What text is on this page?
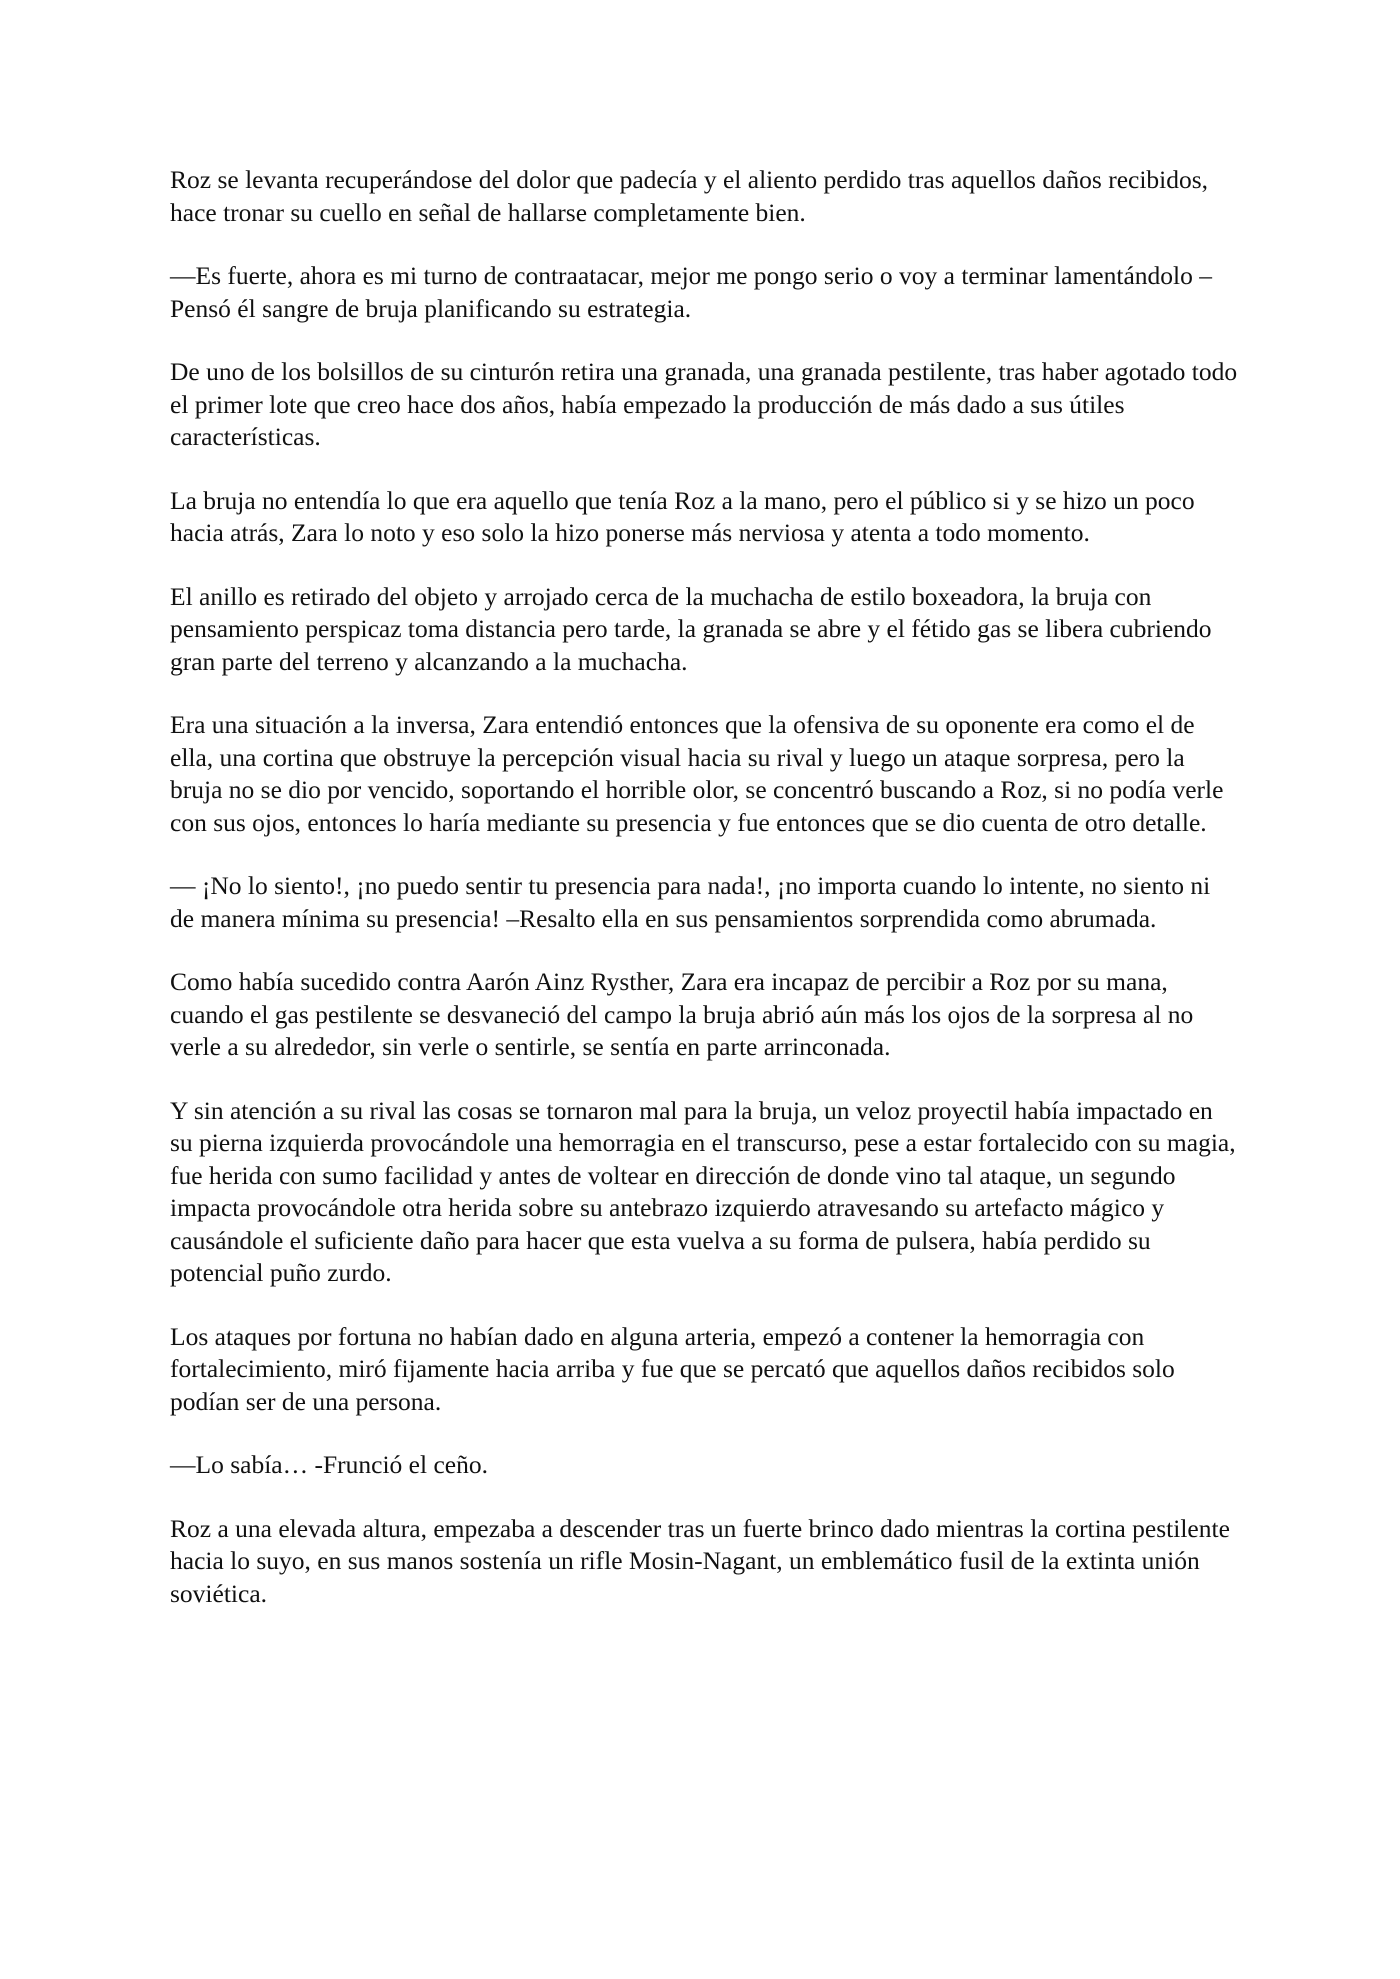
Roz se levanta recuperándose del dolor que padecía y el aliento perdido tras aquellos daños recibidos, hace tronar su cuello en señal de hallarse completamente bien.

—Es fuerte, ahora es mi turno de contraatacar, mejor me pongo serio o voy a terminar lamentándolo –Pensó él sangre de bruja planificando su estrategia.

De uno de los bolsillos de su cinturón retira una granada, una granada pestilente, tras haber agotado todo el primer lote que creo hace dos años, había empezado la producción de más dado a sus útiles características.

La bruja no entendía lo que era aquello que tenía Roz a la mano, pero el público si y se hizo un poco hacia atrás, Zara lo noto y eso solo la hizo ponerse más nerviosa y atenta a todo momento.

El anillo es retirado del objeto y arrojado cerca de la muchacha de estilo boxeadora, la bruja con pensamiento perspicaz toma distancia pero tarde, la granada se abre y el fétido gas se libera cubriendo gran parte del terreno y alcanzando a la muchacha.

Era una situación a la inversa, Zara entendió entonces que la ofensiva de su oponente era como el de ella, una cortina que obstruye la percepción visual hacia su rival y luego un ataque sorpresa, pero la bruja no se dio por vencido, soportando el horrible olor, se concentró buscando a Roz, si no podía verle con sus ojos, entonces lo haría mediante su presencia y fue entonces que se dio cuenta de otro detalle.

— ¡No lo siento!, ¡no puedo sentir tu presencia para nada!, ¡no importa cuando lo intente, no siento ni de manera mínima su presencia! –Resalto ella en sus pensamientos sorprendida como abrumada.

Como había sucedido contra Aarón Ainz Rysther, Zara era incapaz de percibir a Roz por su mana, cuando el gas pestilente se desvaneció del campo la bruja abrió aún más los ojos de la sorpresa al no verle a su alrededor, sin verle o sentirle, se sentía en parte arrinconada.

Y sin atención a su rival las cosas se tornaron mal para la bruja, un veloz proyectil había impactado en su pierna izquierda provocándole una hemorragia en el transcurso, pese a estar fortalecido con su magia, fue herida con sumo facilidad y antes de voltear en dirección de donde vino tal ataque, un segundo impacta provocándole otra herida sobre su antebrazo izquierdo atravesando su artefacto mágico y causándole el suficiente daño para hacer que esta vuelva a su forma de pulsera, había perdido su potencial puño zurdo.

Los ataques por fortuna no habían dado en alguna arteria, empezó a contener la hemorragia con fortalecimiento, miró fijamente hacia arriba y fue que se percató que aquellos daños recibidos solo podían ser de una persona.

—Lo sabía… -Frunció el ceño.

Roz a una elevada altura, empezaba a descender tras un fuerte brinco dado mientras la cortina pestilente hacia lo suyo, en sus manos sostenía un rifle Mosin-Nagant, un emblemático fusil de la extinta unión soviética.
